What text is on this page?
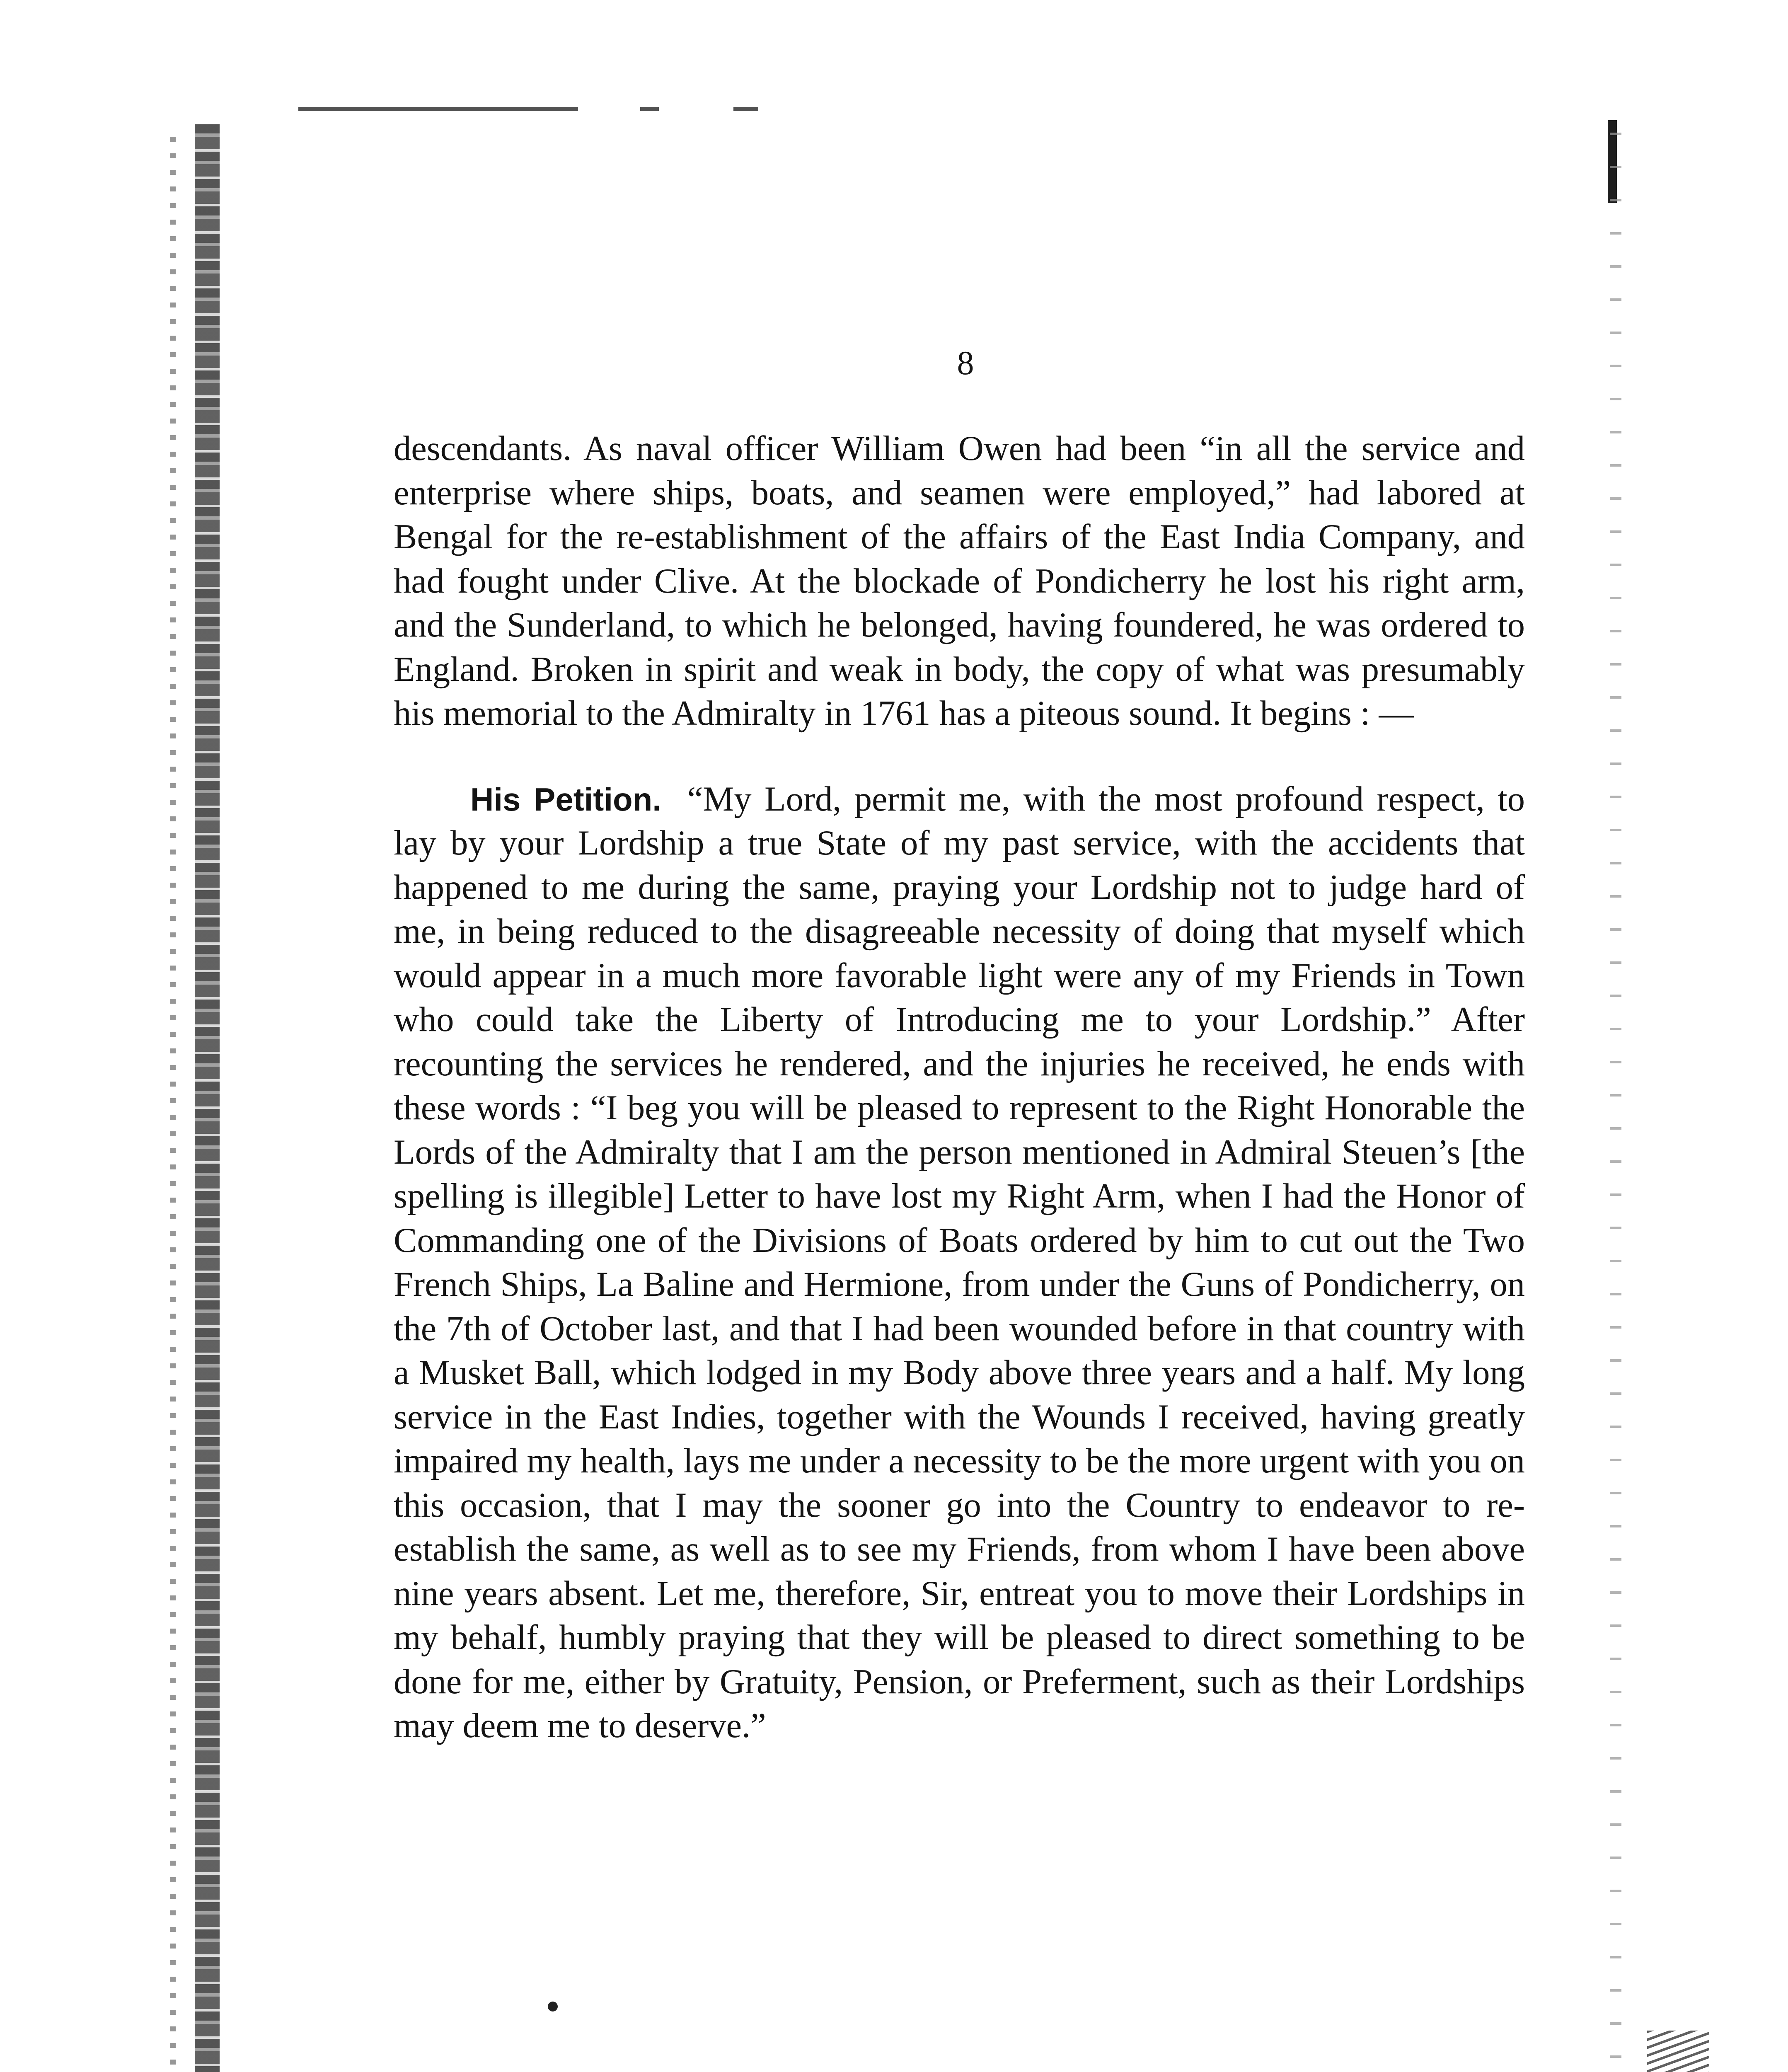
8

descendants. As naval officer William Owen had been “in all the service and enterprise where ships, boats, and seamen were employed,” had labored at Bengal for the re-establishment of the affairs of the East India Company, and had fought under Clive. At the blockade of Pondicherry he lost his right arm, and the Sunderland, to which he belonged, having foundered, he was ordered to England. Broken in spirit and weak in body, the copy of what was presumably his memorial to the Admiralty in 1761 has a piteous sound. It begins : —

His Petition. “My Lord, permit me, with the most profound respect, to lay by your Lordship a true State of my past service, with the accidents that happened to me during the same, praying your Lordship not to judge hard of me, in being reduced to the disagreeable necessity of doing that myself which would appear in a much more favorable light were any of my Friends in Town who could take the Liberty of Introducing me to your Lordship.” After recounting the services he rendered, and the injuries he received, he ends with these words : “I beg you will be pleased to represent to the Right Honorable the Lords of the Admiralty that I am the person mentioned in Admiral Steuen’s [the spelling is illegible] Letter to have lost my Right Arm, when I had the Honor of Commanding one of the Divisions of Boats ordered by him to cut out the Two French Ships, La Baline and Hermione, from under the Guns of Pondicherry, on the 7th of October last, and that I had been wounded before in that country with a Musket Ball, which lodged in my Body above three years and a half. My long service in the East Indies, together with the Wounds I received, having greatly impaired my health, lays me under a necessity to be the more urgent with you on this occasion, that I may the sooner go into the Country to endeavor to re-establish the same, as well as to see my Friends, from whom I have been above nine years absent. Let me, therefore, Sir, entreat you to move their Lordships in my behalf, humbly praying that they will be pleased to direct something to be done for me, either by Gratuity, Pension, or Preferment, such as their Lordships may deem me to deserve.”
